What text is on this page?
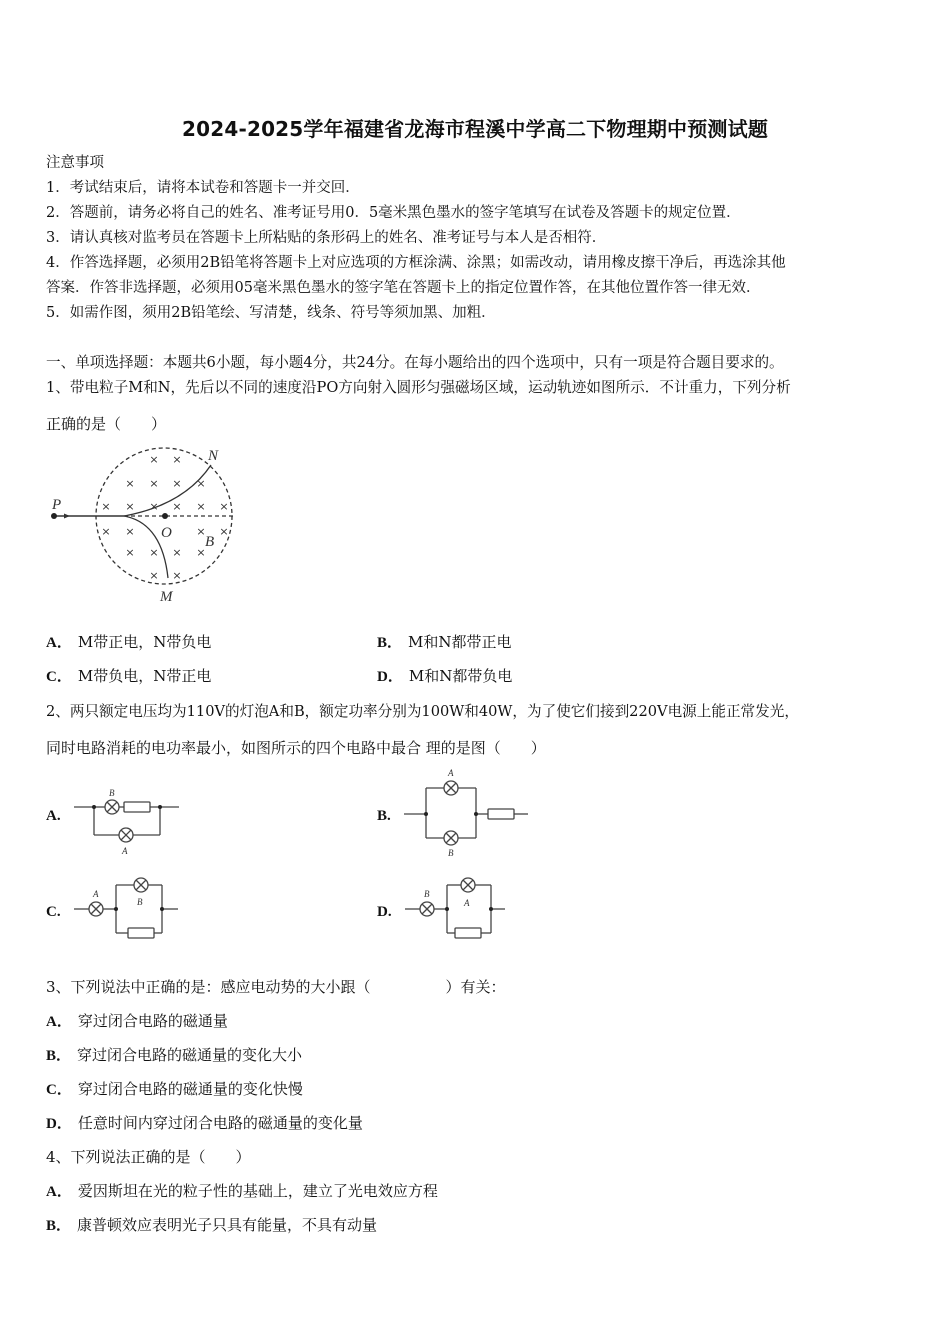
2024-2025学年福建省龙海市程溪中学高二下物理期中预测试题
注意事项
1．考试结束后，请将本试卷和答题卡一并交回．
2．答题前，请务必将自己的姓名、准考证号用0．5毫米黑色墨水的签字笔填写在试卷及答题卡的规定位置．
3．请认真核对监考员在答题卡上所粘贴的条形码上的姓名、准考证号与本人是否相符．
4．作答选择题，必须用2B铅笔将答题卡上对应选项的方框涂满、涂黑；如需改动，请用橡皮擦干净后，再选涂其他
答案．作答非选择题，必须用05毫米黑色墨水的签字笔在答题卡上的指定位置作答，在其他位置作答一律无效．
5．如需作图，须用2B铅笔绘、写清楚，线条、符号等须加黑、加粗．
一、单项选择题：本题共6小题，每小题4分，共24分。在每小题给出的四个选项中，只有一项是符合题目要求的。
1、带电粒子M和N，先后以不同的速度沿PO方向射入圆形匀强磁场区域，运动轨迹如图所示．不计重力，下列分析
正确的是（　　）
× ×
× × × ×
× × × × × ×
× ×	× ×
× × × ×
× ×
P
O
B
N
M
A． M带正电，N带负电	B． M和N都带正电
C． M带负电，N带正电	D． M和N都带负电
2、两只额定电压均为110V的灯泡A和B，额定功率分别为100W和40W，为了使它们接到220V电源上能正常发光，
同时电路消耗的电功率最小，如图所示的四个电路中最合 理的是图（　　）
A.
B
A
B.
A
B
C.
A
B
D.
B
A
3、下列说法中正确的是：感应电动势的大小跟（　　　　　）有关：
A． 穿过闭合电路的磁通量
B． 穿过闭合电路的磁通量的变化大小
C． 穿过闭合电路的磁通量的变化快慢
D． 任意时间内穿过闭合电路的磁通量的变化量
4、下列说法正确的是（　　）
A． 爱因斯坦在光的粒子性的基础上，建立了光电效应方程
B． 康普顿效应表明光子只具有能量，不具有动量
